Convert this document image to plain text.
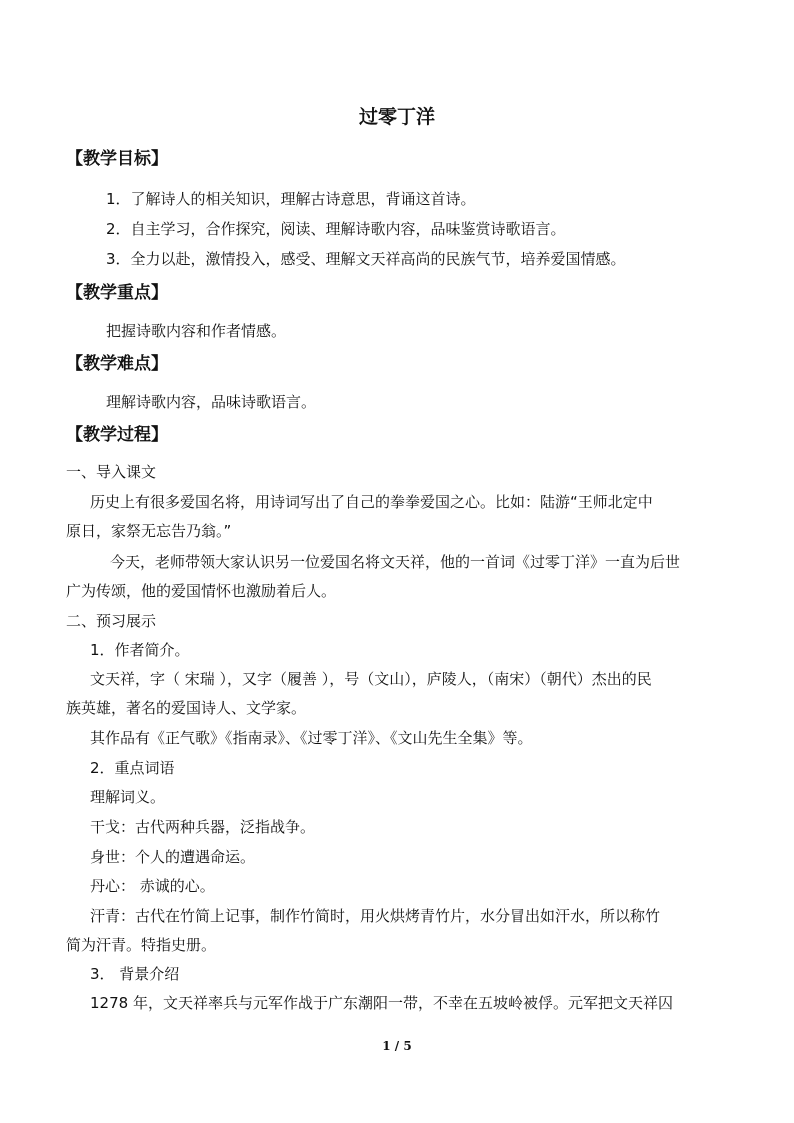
过零丁洋

【教学目标】

1．了解诗人的相关知识，理解古诗意思，背诵这首诗。

2．自主学习，合作探究，阅读、理解诗歌内容，品味鉴赏诗歌语言。

3．全力以赴，激情投入，感受、理解文天祥高尚的民族气节，培养爱国情感。

【教学重点】

把握诗歌内容和作者情感。

【教学难点】

理解诗歌内容，品味诗歌语言。

【教学过程】

一、导入课文

历史上有很多爱国名将，用诗词写出了自己的拳拳爱国之心。比如：陆游“王师北定中

原日，家祭无忘告乃翁。”

今天，老师带领大家认识另一位爱国名将文天祥，他的一首词《过零丁洋》一直为后世

广为传颂，他的爱国情怀也激励着后人。

二、预习展示

1．作者简介。

文天祥，字（ 宋瑞 ），又字（履善 ），号（文山），庐陵人，（南宋）（朝代）杰出的民

族英雄，著名的爱国诗人、文学家。

其作品有《正气歌》《指南录》、《过零丁洋》、《文山先生全集》等。

2．重点词语

理解词义。

干戈：古代两种兵器，泛指战争。

身世：个人的遭遇命运。

丹心： 赤诚的心。

汗青：古代在竹简上记事，制作竹简时，用火烘烤青竹片，水分冒出如汗水，所以称竹

简为汗青。特指史册。

3． 背景介绍

1278 年，文天祥率兵与元军作战于广东潮阳一带，不幸在五坡岭被俘。元军把文天祥囚

1 / 5
